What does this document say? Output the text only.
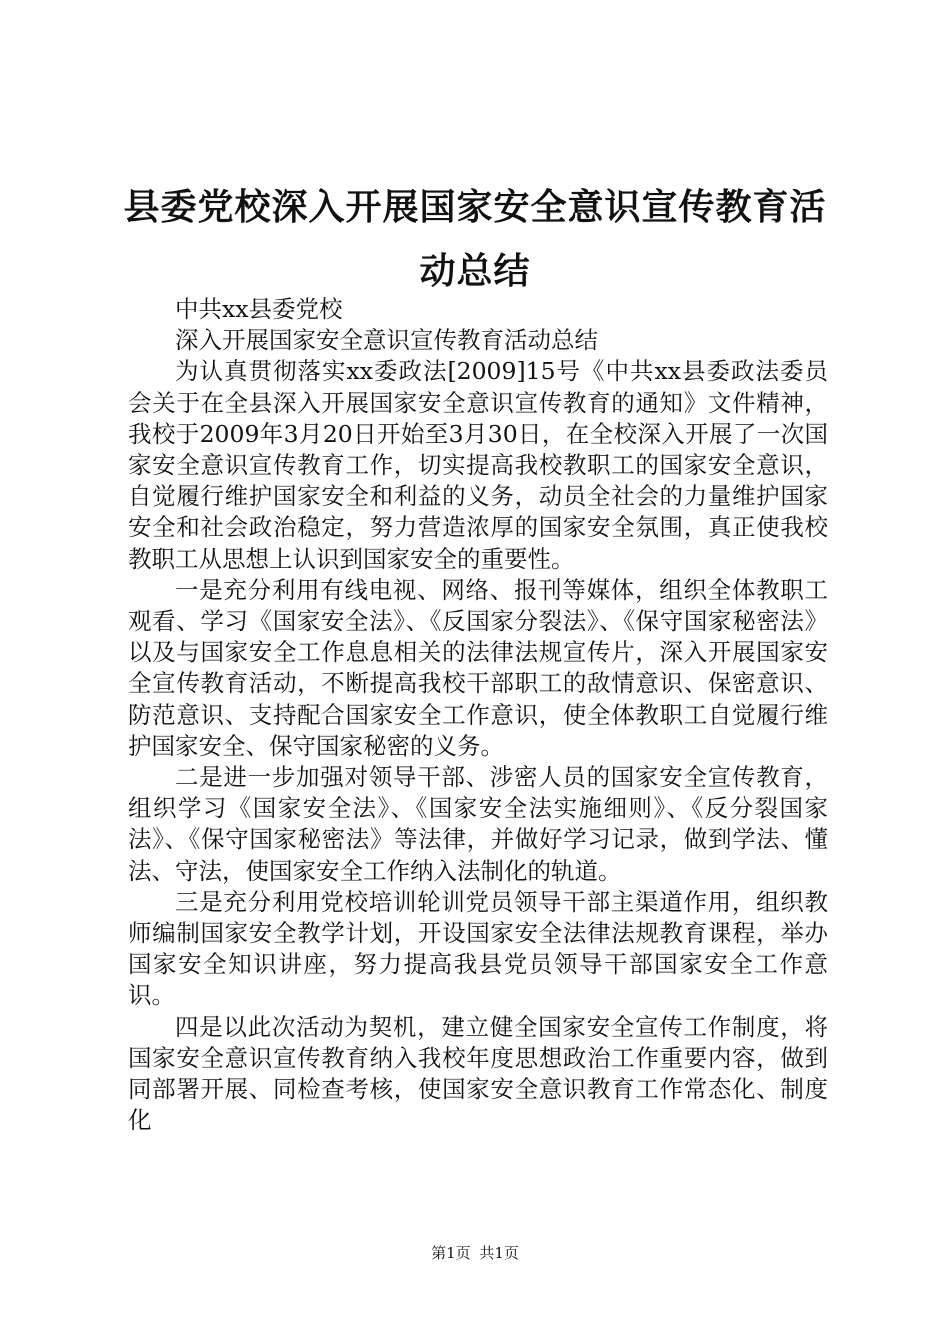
县委党校深入开展国家安全意识宣传教育活动总结

中共xx县委党校

深入开展国家安全意识宣传教育活动总结

为认真贯彻落实xx委政法[2009]15号《中共xx县委政法委员会关于在全县深入开展国家安全意识宣传教育的通知》文件精神，我校于2009年3月20日开始至3月30日，在全校深入开展了一次国家安全意识宣传教育工作，切实提高我校教职工的国家安全意识，自觉履行维护国家安全和利益的义务，动员全社会的力量维护国家安全和社会政治稳定，努力营造浓厚的国家安全氛围，真正使我校教职工从思想上认识到国家安全的重要性。

一是充分利用有线电视、网络、报刊等媒体，组织全体教职工观看、学习《国家安全法》、《反国家分裂法》、《保守国家秘密法》以及与国家安全工作息息相关的法律法规宣传片，深入开展国家安全宣传教育活动，不断提高我校干部职工的敌情意识、保密意识、防范意识、支持配合国家安全工作意识，使全体教职工自觉履行维护国家安全、保守国家秘密的义务。

二是进一步加强对领导干部、涉密人员的国家安全宣传教育，组织学习《国家安全法》、《国家安全法实施细则》、《反分裂国家法》、《保守国家秘密法》等法律，并做好学习记录，做到学法、懂法、守法，使国家安全工作纳入法制化的轨道。

三是充分利用党校培训轮训党员领导干部主渠道作用，组织教师编制国家安全教学计划，开设国家安全法律法规教育课程，举办国家安全知识讲座，努力提高我县党员领导干部国家安全工作意识。

四是以此次活动为契机，建立健全国家安全宣传工作制度，将国家安全意识宣传教育纳入我校年度思想政治工作重要内容，做到同部署开展、同检查考核，使国家安全意识教育工作常态化、制度化

第1页 共1页
